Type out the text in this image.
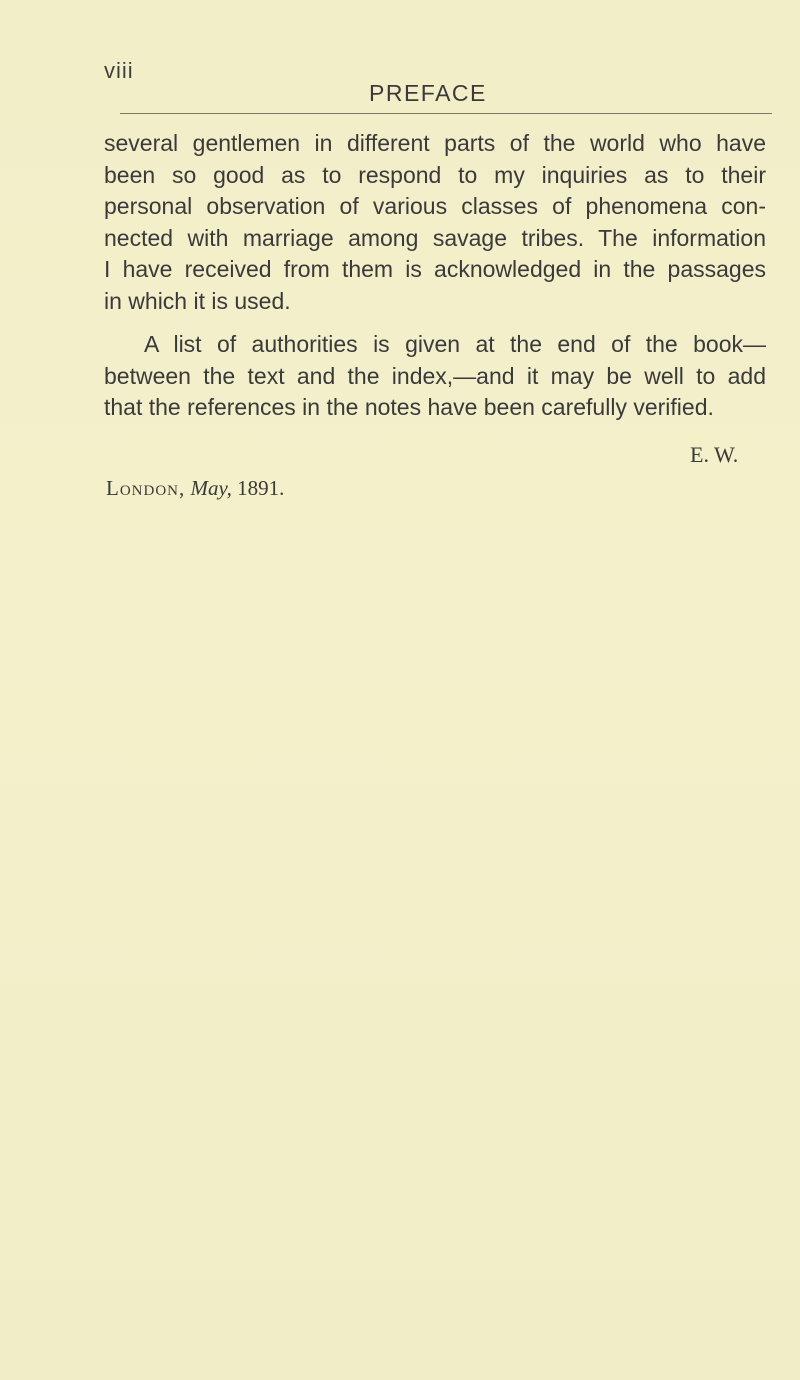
viii
PREFACE
several gentlemen in different parts of the world who have
been so good as to respond to my inquiries as to their
personal observation of various classes of phenomena con-
nected with marriage among savage tribes. The information
I have received from them is acknowledged in the passages
in which it is used.
A list of authorities is given at the end of the book—
between the text and the index,—and it may be well to add
that the references in the notes have been carefully verified.
E. W.
London, May, 1891.
